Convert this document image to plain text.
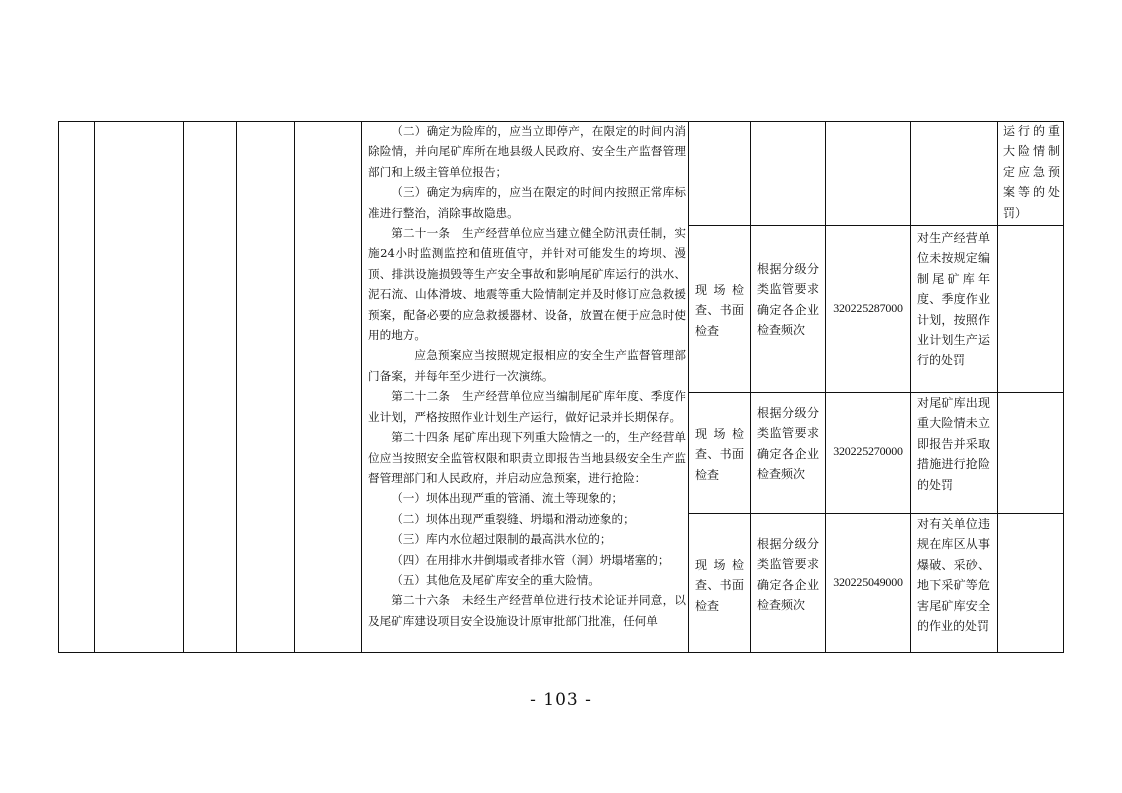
（二）确定为险库的，应当立即停产，在限定的时间内消除险情，并向尾矿库所在地县级人民政府、安全生产监督管理部门和上级主管单位报告；

（三）确定为病库的，应当在限定的时间内按照正常库标准进行整治，消除事故隐患。

第二十一条　生产经营单位应当建立健全防汛责任制，实施24小时监测监控和值班值守，并针对可能发生的垮坝、漫顶、排洪设施损毁等生产安全事故和影响尾矿库运行的洪水、泥石流、山体滑坡、地震等重大险情制定并及时修订应急救援预案，配备必要的应急救援器材、设备，放置在便于应急时使用的地方。

应急预案应当按照规定报相应的安全生产监督管理部门备案，并每年至少进行一次演练。

第二十二条　生产经营单位应当编制尾矿库年度、季度作业计划，严格按照作业计划生产运行，做好记录并长期保存。

第二十四条 尾矿库出现下列重大险情之一的，生产经营单位应当按照安全监管权限和职责立即报告当地县级安全生产监督管理部门和人民政府，并启动应急预案，进行抢险：

（一）坝体出现严重的管涌、流土等现象的；

（二）坝体出现严重裂缝、坍塌和滑动迹象的；

（三）库内水位超过限制的最高洪水位的；

（四）在用排水井倒塌或者排水管（洞）坍塌堵塞的；

（五）其他危及尾矿库安全的重大险情。

第二十六条　未经生产经营单位进行技术论证并同意，以及尾矿库建设项目安全设施设计原审批部门批准，任何单

运行的重大险情制定应急预案等的处罚）
现场检查、书面检查
根据分级分类监管要求确定各企业检查频次
320225287000
对生产经营单位未按规定编制尾矿库年度、季度作业计划，按照作业计划生产运行的处罚
现场检查、书面检查
根据分级分类监管要求确定各企业检查频次
320225270000
对尾矿库出现重大险情未立即报告并采取措施进行抢险的处罚
现场检查、书面检查
根据分级分类监管要求确定各企业检查频次
320225049000
对有关单位违规在库区从事爆破、采砂、地下采矿等危害尾矿库安全的作业的处罚
- 103 -
